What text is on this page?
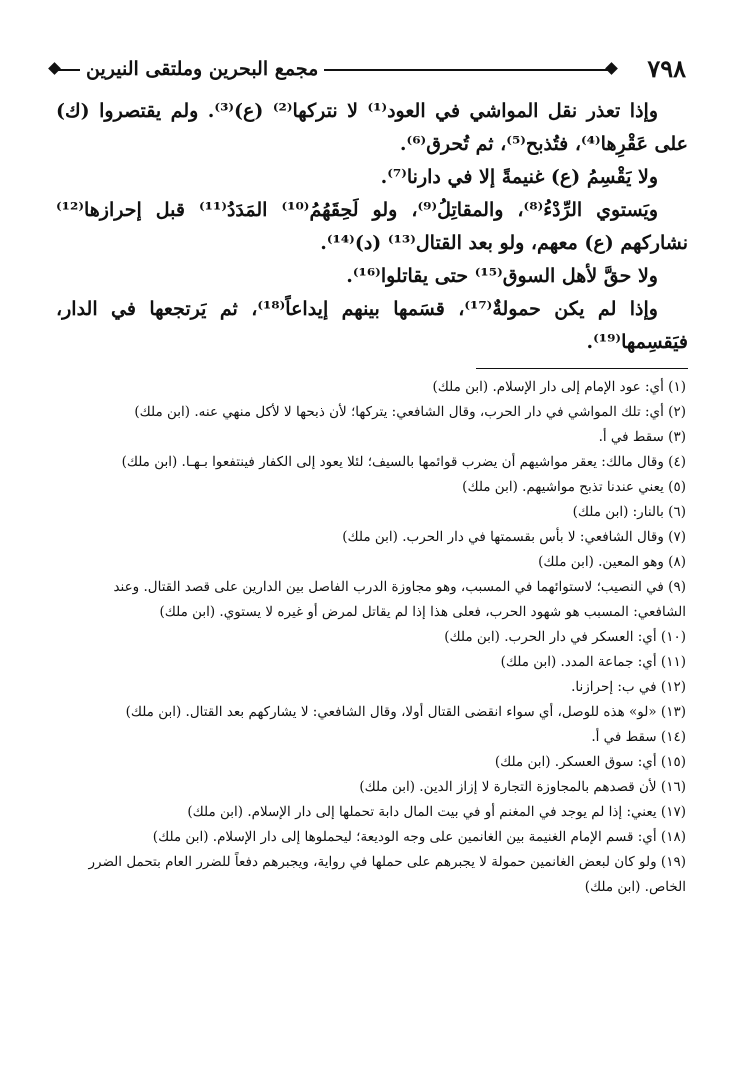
مجمع البحرين وملتقى النيرين	٧٩٨

وإذا تعذر نقل المواشي في العود⁽¹⁾ لا نتركها⁽²⁾ (ع)⁽³⁾. ولم يقتصروا (ك) على عَقْرِها⁽⁴⁾، فتُذبح⁽⁵⁾، ثم تُحرق⁽⁶⁾.

ولا يَقْسِمُ (ع) غنيمةً إلا في دارنا⁽⁷⁾.

ويَستوي الرِّدْءُ⁽⁸⁾، والمقاتِلُ⁽⁹⁾، ولو لَحِقَهُمُ⁽¹⁰⁾ المَدَدُ⁽¹¹⁾ قبل إحرازها⁽¹²⁾ نشاركهم (ع) معهم، ولو بعد القتال⁽¹³⁾ (د)⁽¹⁴⁾.

ولا حقَّ لأهل السوق⁽¹⁵⁾ حتى يقاتلوا⁽¹⁶⁾.

وإذا لم يكن حمولةٌ⁽¹⁷⁾، قسَمها بينهم إيداعاً⁽¹⁸⁾، ثم يَرتجعها في الدار، فيَقسِمها⁽¹⁹⁾.

(١) أي: عود الإمام إلى دار الإسلام. (ابن ملك)

(٢) أي: تلك المواشي في دار الحرب، وقال الشافعي: يتركها؛ لأن ذبحها لا لأكل منهي عنه. (ابن ملك)

(٣) سقط في أ.

(٤) وقال مالك: يعقر مواشيهم أن يضرب قوائمها بالسيف؛ لئلا يعود إلى الكفار فينتفعوا بـهـا. (ابن ملك)

(٥) يعني عندنا تذبح مواشيهم. (ابن ملك)

(٦) بالنار: (ابن ملك)

(٧) وقال الشافعي: لا بأس بقسمتها في دار الحرب. (ابن ملك)

(٨) وهو المعين. (ابن ملك)

(٩) في النصيب؛ لاستوائهما في المسبب، وهو مجاوزة الدرب الفاصل بين الدارين على قصد القتال. وعند الشافعي: المسبب هو شهود الحرب، فعلى هذا إذا لم يقاتل لمرض أو غيره لا يستوي. (ابن ملك)

(١٠) أي: العسكر في دار الحرب. (ابن ملك)

(١١) أي: جماعة المدد. (ابن ملك)

(١٢) في ب: إحرازنا.

(١٣) «لو» هذه للوصل، أي سواء انقضى القتال أولا، وقال الشافعي: لا يشاركهم بعد القتال. (ابن ملك)

(١٤) سقط في أ.

(١٥) أي: سوق العسكر. (ابن ملك)

(١٦) لأن قصدهم بالمجاوزة التجارة لا إزاز الدين. (ابن ملك)

(١٧) يعني: إذا لم يوجد في المغنم أو في بيت المال دابة تحملها إلى دار الإسلام. (ابن ملك)

(١٨) أي: قسم الإمام الغنيمة بين الغانمين على وجه الوديعة؛ ليحملوها إلى دار الإسلام. (ابن ملك)

(١٩) ولو كان لبعض الغانمين حمولة لا يجبرهم على حملها في رواية، ويجبرهم دفعاً للضرر العام بتحمل الضرر الخاص. (ابن ملك)
